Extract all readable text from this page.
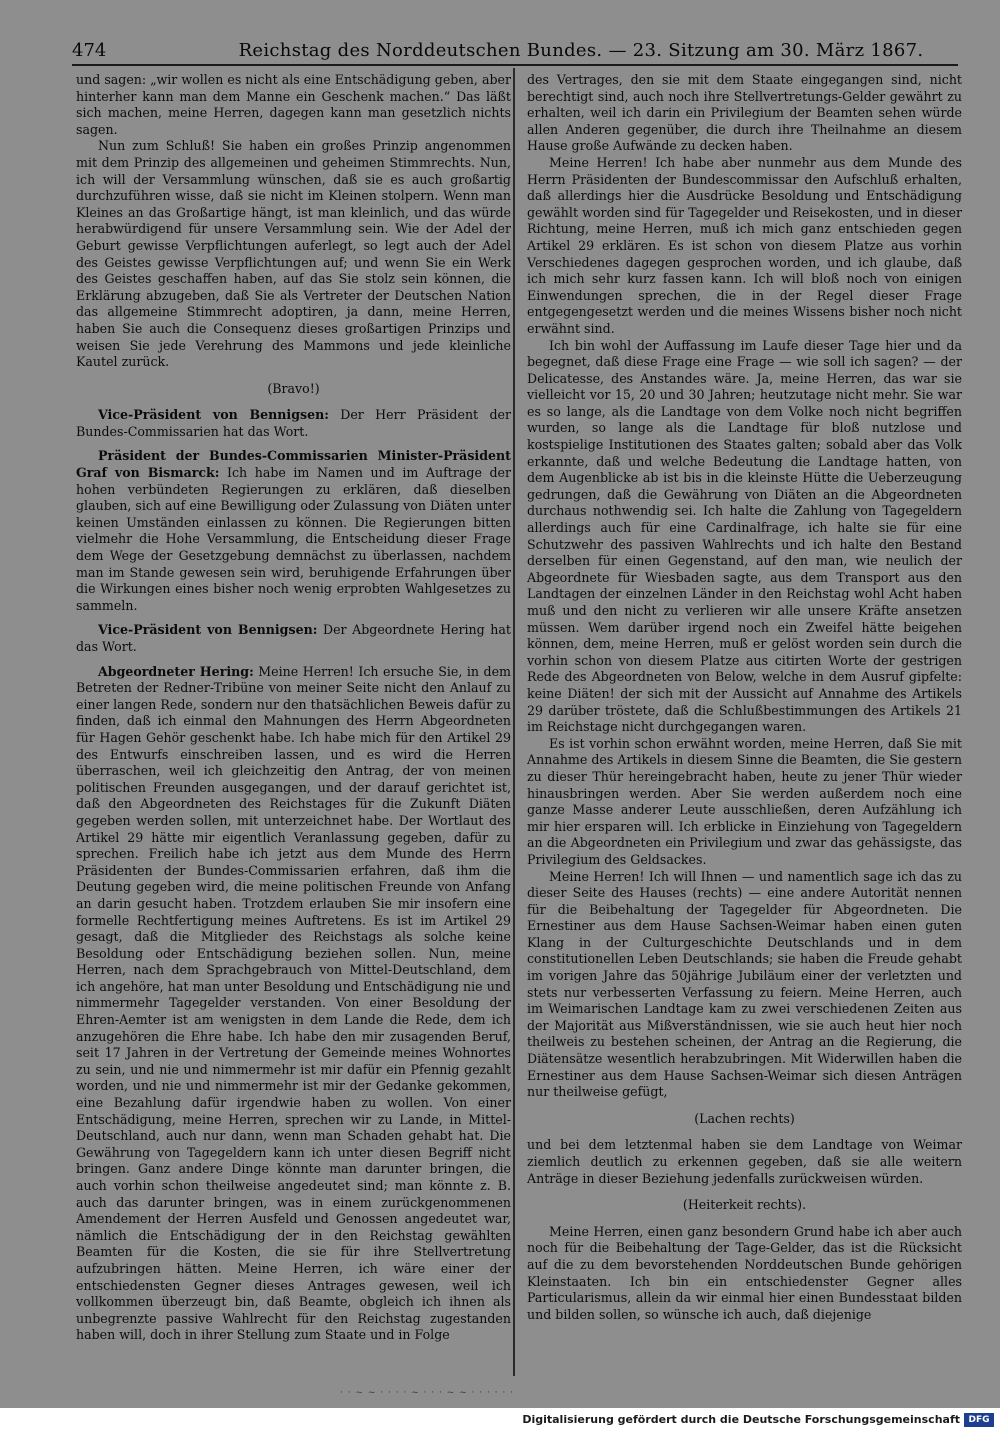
474	Reichstag des Norddeutschen Bundes. — 23. Sitzung am 30. März 1867.

und sagen: „wir wollen es nicht als eine Entschädigung geben, aber hinterher kann man dem Manne ein Geschenk machen.“ Das läßt sich machen, meine Herren, dagegen kann man gesetzlich nichts sagen.

Nun zum Schluß! Sie haben ein großes Prinzip angenommen mit dem Prinzip des allgemeinen und geheimen Stimmrechts. Nun, ich will der Versammlung wünschen, daß sie es auch großartig durchzuführen wisse, daß sie nicht im Kleinen stolpern. Wenn man Kleines an das Großartige hängt, ist man kleinlich, und das würde herabwürdigend für unsere Versammlung sein. Wie der Adel der Geburt gewisse Verpflichtungen auferlegt, so legt auch der Adel des Geistes gewisse Verpflichtungen auf; und wenn Sie ein Werk des Geistes geschaffen haben, auf das Sie stolz sein können, die Erklärung abzugeben, daß Sie als Vertreter der Deutschen Nation das allgemeine Stimmrecht adoptiren, ja dann, meine Herren, haben Sie auch die Consequenz dieses großartigen Prinzips und weisen Sie jede Verehrung des Mammons und jede kleinliche Kautel zurück.

(Bravo!)

Vice-Präsident von Bennigsen: Der Herr Präsident der Bundes-Commissarien hat das Wort.

Präsident der Bundes-Commissarien Minister-Präsident Graf von Bismarck: Ich habe im Namen und im Auftrage der hohen verbündeten Regierungen zu erklären, daß dieselben glauben, sich auf eine Bewilligung oder Zulassung von Diäten unter keinen Umständen einlassen zu können. Die Regierungen bitten vielmehr die Hohe Versammlung, die Entscheidung dieser Frage dem Wege der Gesetzgebung demnächst zu überlassen, nachdem man im Stande gewesen sein wird, beruhigende Erfahrungen über die Wirkungen eines bisher noch wenig erprobten Wahlgesetzes zu sammeln.

Vice-Präsident von Bennigsen: Der Abgeordnete Hering hat das Wort.

Abgeordneter Hering: Meine Herren! Ich ersuche Sie, in dem Betreten der Redner-Tribüne von meiner Seite nicht den Anlauf zu einer langen Rede, sondern nur den thatsächlichen Beweis dafür zu finden, daß ich einmal den Mahnungen des Herrn Abgeordneten für Hagen Gehör geschenkt habe. Ich habe mich für den Artikel 29 des Entwurfs einschreiben lassen, und es wird die Herren überraschen, weil ich gleichzeitig den Antrag, der von meinen politischen Freunden ausgegangen, und der darauf gerichtet ist, daß den Abgeordneten des Reichstages für die Zukunft Diäten gegeben werden sollen, mit unterzeichnet habe. Der Wortlaut des Artikel 29 hätte mir eigentlich Veranlassung gegeben, dafür zu sprechen. Freilich habe ich jetzt aus dem Munde des Herrn Präsidenten der Bundes-Commissarien erfahren, daß ihm die Deutung gegeben wird, die meine politischen Freunde von Anfang an darin gesucht haben. Trotzdem erlauben Sie mir insofern eine formelle Rechtfertigung meines Auftretens. Es ist im Artikel 29 gesagt, daß die Mitglieder des Reichstags als solche keine Besoldung oder Entschädigung beziehen sollen. Nun, meine Herren, nach dem Sprachgebrauch von Mittel-Deutschland, dem ich angehöre, hat man unter Besoldung und Entschädigung nie und nimmermehr Tagegelder verstanden. Von einer Besoldung der Ehren-Aemter ist am wenigsten in dem Lande die Rede, dem ich anzugehören die Ehre habe. Ich habe den mir zusagenden Beruf, seit 17 Jahren in der Vertretung der Gemeinde meines Wohnortes zu sein, und nie und nimmermehr ist mir dafür ein Pfennig gezahlt worden, und nie und nimmermehr ist mir der Gedanke gekommen, eine Bezahlung dafür irgendwie haben zu wollen. Von einer Entschädigung, meine Herren, sprechen wir zu Lande, in Mittel-Deutschland, auch nur dann, wenn man Schaden gehabt hat. Die Gewährung von Tagegeldern kann ich unter diesen Begriff nicht bringen. Ganz andere Dinge könnte man darunter bringen, die auch vorhin schon theilweise angedeutet sind; man könnte z. B. auch das darunter bringen, was in einem zurückgenommenen Amendement der Herren Ausfeld und Genossen angedeutet war, nämlich die Entschädigung der in den Reichstag gewählten Beamten für die Kosten, die sie für ihre Stellvertretung aufzubringen hätten. Meine Herren, ich wäre einer der entschiedensten Gegner dieses Antrages gewesen, weil ich vollkommen überzeugt bin, daß Beamte, obgleich ich ihnen als unbegrenzte passive Wahlrecht für den Reichstag zugestanden haben will, doch in ihrer Stellung zum Staate und in Folge

des Vertrages, den sie mit dem Staate eingegangen sind, nicht berechtigt sind, auch noch ihre Stellvertretungs-Gelder gewährt zu erhalten, weil ich darin ein Privilegium der Beamten sehen würde allen Anderen gegenüber, die durch ihre Theilnahme an diesem Hause große Aufwände zu decken haben.

Meine Herren! Ich habe aber nunmehr aus dem Munde des Herrn Präsidenten der Bundescommissar den Aufschluß erhalten, daß allerdings hier die Ausdrücke Besoldung und Entschädigung gewählt worden sind für Tagegelder und Reisekosten, und in dieser Richtung, meine Herren, muß ich mich ganz entschieden gegen Artikel 29 erklären. Es ist schon von diesem Platze aus vorhin Verschiedenes dagegen gesprochen worden, und ich glaube, daß ich mich sehr kurz fassen kann. Ich will bloß noch von einigen Einwendungen sprechen, die in der Regel dieser Frage entgegengesetzt werden und die meines Wissens bisher noch nicht erwähnt sind.

Ich bin wohl der Auffassung im Laufe dieser Tage hier und da begegnet, daß diese Frage eine Frage — wie soll ich sagen? — der Delicatesse, des Anstandes wäre. Ja, meine Herren, das war sie vielleicht vor 15, 20 und 30 Jahren; heutzutage nicht mehr. Sie war es so lange, als die Landtage von dem Volke noch nicht begriffen wurden, so lange als die Landtage für bloß nutzlose und kostspielige Institutionen des Staates galten; sobald aber das Volk erkannte, daß und welche Bedeutung die Landtage hatten, von dem Augenblicke ab ist bis in die kleinste Hütte die Ueberzeugung gedrungen, daß die Gewährung von Diäten an die Abgeordneten durchaus nothwendig sei. Ich halte die Zahlung von Tagegeldern allerdings auch für eine Cardinalfrage, ich halte sie für eine Schutzwehr des passiven Wahlrechts und ich halte den Bestand derselben für einen Gegenstand, auf den man, wie neulich der Abgeordnete für Wiesbaden sagte, aus dem Transport aus den Landtagen der einzelnen Länder in den Reichstag wohl Acht haben muß und den nicht zu verlieren wir alle unsere Kräfte ansetzen müssen. Wem darüber irgend noch ein Zweifel hätte beigehen können, dem, meine Herren, muß er gelöst worden sein durch die vorhin schon von diesem Platze aus citirten Worte der gestrigen Rede des Abgeordneten von Below, welche in dem Ausruf gipfelte: keine Diäten! der sich mit der Aussicht auf Annahme des Artikels 29 darüber tröstete, daß die Schlußbestimmungen des Artikels 21 im Reichstage nicht durchgegangen waren.

Es ist vorhin schon erwähnt worden, meine Herren, daß Sie mit Annahme des Artikels in diesem Sinne die Beamten, die Sie gestern zu dieser Thür hereingebracht haben, heute zu jener Thür wieder hinausbringen werden. Aber Sie werden außerdem noch eine ganze Masse anderer Leute ausschließen, deren Aufzählung ich mir hier ersparen will. Ich erblicke in Einziehung von Tagegeldern an die Abgeordneten ein Privilegium und zwar das gehässigste, das Privilegium des Geldsackes.

Meine Herren! Ich will Ihnen — und namentlich sage ich das zu dieser Seite des Hauses (rechts) — eine andere Autorität nennen für die Beibehaltung der Tagegelder für Abgeordneten. Die Ernestiner aus dem Hause Sachsen-Weimar haben einen guten Klang in der Culturgeschichte Deutschlands und in dem constitutionellen Leben Deutschlands; sie haben die Freude gehabt im vorigen Jahre das 50jährige Jubiläum einer der verletzten und stets nur verbesserten Verfassung zu feiern. Meine Herren, auch im Weimarischen Landtage kam zu zwei verschiedenen Zeiten aus der Majorität aus Mißverständnissen, wie sie auch heut hier noch theilweis zu bestehen scheinen, der Antrag an die Regierung, die Diätensätze wesentlich herabzubringen. Mit Widerwillen haben die Ernestiner aus dem Hause Sachsen-Weimar sich diesen Anträgen nur theilweise gefügt,

(Lachen rechts)

und bei dem letztenmal haben sie dem Landtage von Weimar ziemlich deutlich zu erkennen gegeben, daß sie alle weitern Anträge in dieser Beziehung jedenfalls zurückweisen würden.

(Heiterkeit rechts).

Meine Herren, einen ganz besondern Grund habe ich aber auch noch für die Beibehaltung der Tage-Gelder, das ist die Rücksicht auf die zu dem bevorstehenden Norddeutschen Bunde gehörigen Kleinstaaten. Ich bin ein entschiedenster Gegner alles Particularismus, allein da wir einmal hier einen Bundesstaat bilden und bilden sollen, so wünsche ich auch, daß diejenige

· · ~ ~ · · · · ~ · · · ~ ~ · · · · · ·
Digitalisierung gefördert durch die Deutsche Forschungsgemeinschaft DFG
